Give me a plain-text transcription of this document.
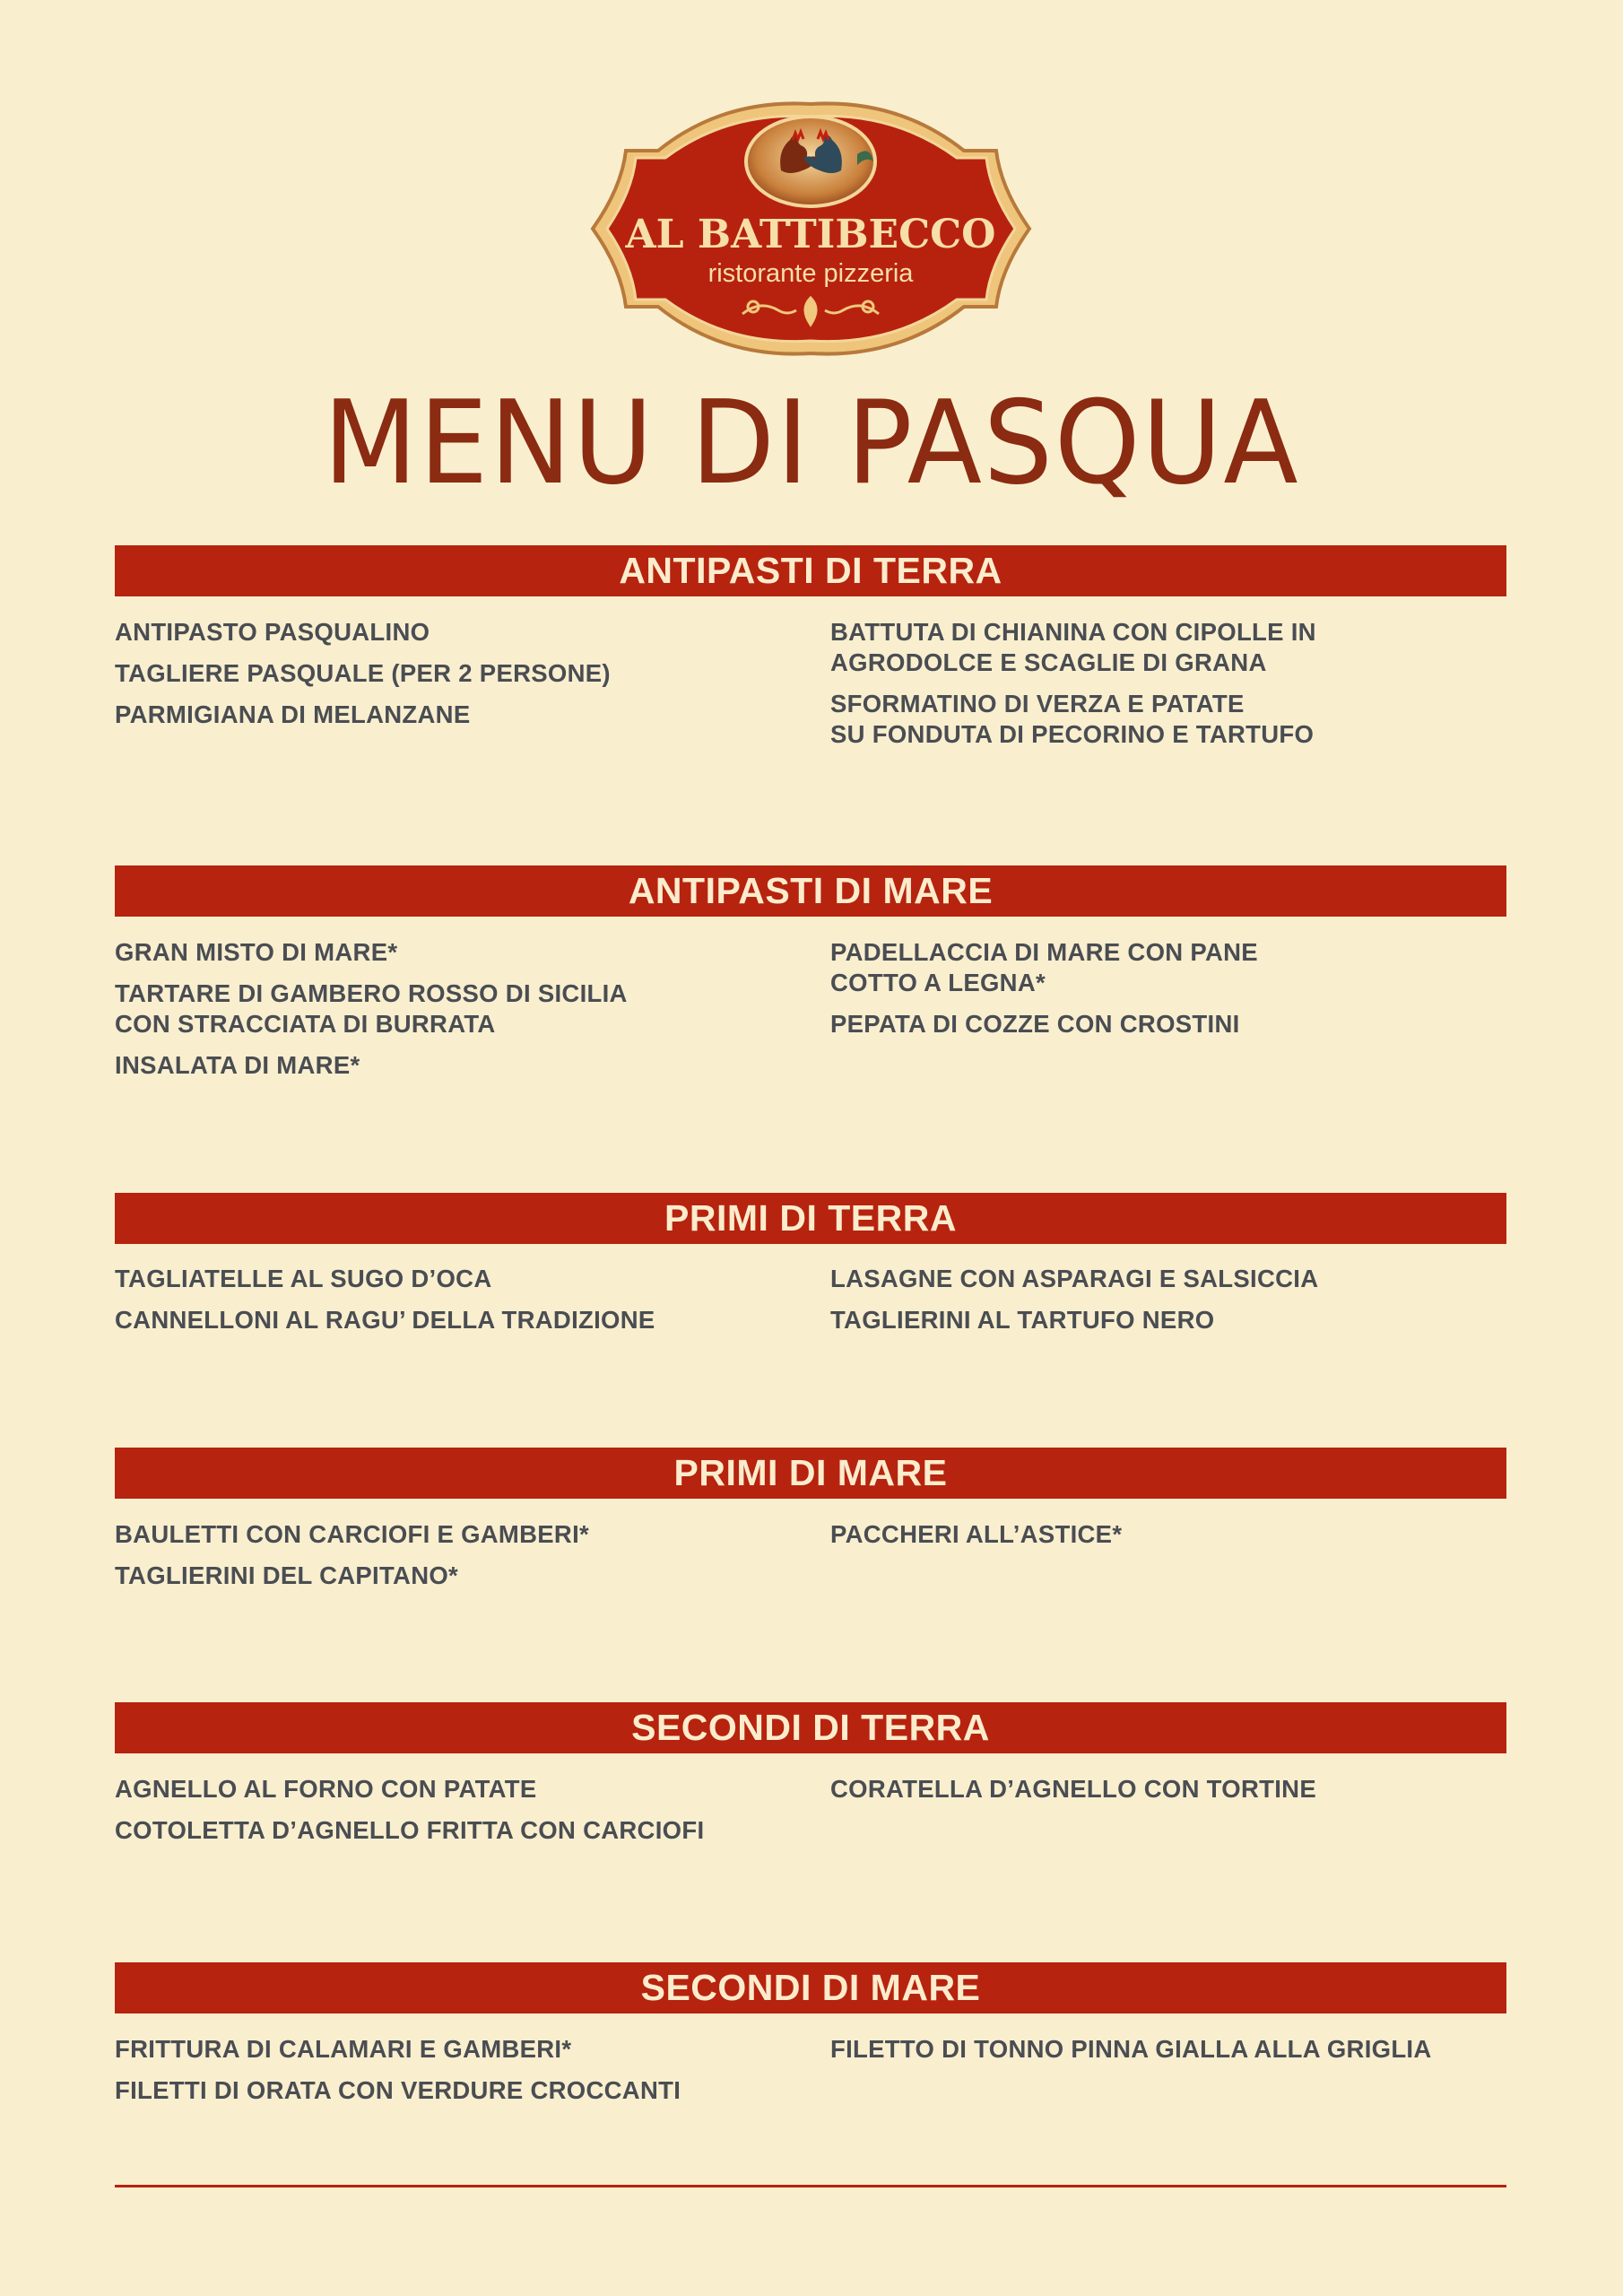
AL BATTIBECCO
ristorante pizzeria
MENU DI PASQUA
ANTIPASTI DI TERRA
ANTIPASTO PASQUALINO
TAGLIERE PASQUALE (PER 2 PERSONE)
PARMIGIANA DI MELANZANE
BATTUTA DI CHIANINA CON CIPOLLE IN
AGRODOLCE E SCAGLIE DI GRANA
SFORMATINO DI VERZA E PATATE
SU FONDUTA DI PECORINO E TARTUFO
ANTIPASTI DI MARE
GRAN MISTO DI MARE*
TARTARE DI GAMBERO ROSSO DI SICILIA
CON STRACCIATA DI BURRATA
INSALATA DI MARE*
PADELLACCIA DI MARE CON PANE
COTTO A LEGNA*
PEPATA DI COZZE CON CROSTINI
PRIMI DI TERRA
TAGLIATELLE AL SUGO D’OCA
CANNELLONI AL RAGU’ DELLA TRADIZIONE
LASAGNE CON ASPARAGI E SALSICCIA
TAGLIERINI AL TARTUFO NERO
PRIMI DI MARE
BAULETTI CON CARCIOFI E GAMBERI*
TAGLIERINI DEL CAPITANO*
PACCHERI ALL’ASTICE*
SECONDI DI TERRA
AGNELLO AL FORNO CON PATATE
COTOLETTA D’AGNELLO FRITTA CON CARCIOFI
CORATELLA D’AGNELLO CON TORTINE
SECONDI DI MARE
FRITTURA DI CALAMARI E GAMBERI*
FILETTI DI ORATA CON VERDURE CROCCANTI
FILETTO DI TONNO PINNA GIALLA ALLA GRIGLIA
